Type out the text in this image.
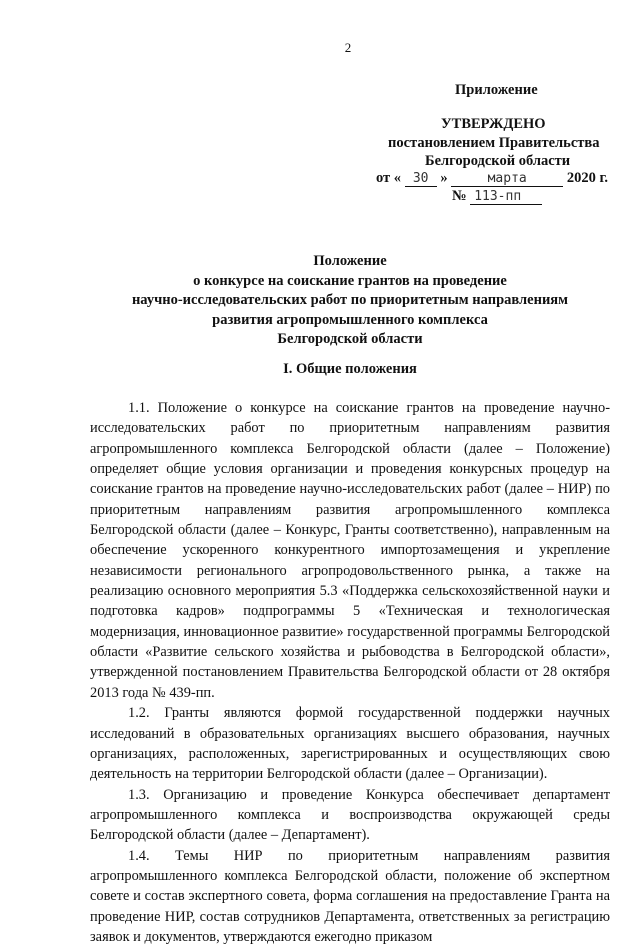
2
Приложение
УТВЕРЖДЕНО
постановлением Правительства
Белгородской области
от « 30 »	марта	2020 г.
№ 113-пп
Положение
о конкурсе на соискание грантов на проведение
научно-исследовательских работ по приоритетным направлениям
развития агропромышленного комплекса
Белгородской области
I. Общие положения

1.1. Положение о конкурсе на соискание грантов на проведение научно-исследовательских работ по приоритетным направлениям развития агропромышленного комплекса Белгородской области (далее – Положение) определяет общие условия организации и проведения конкурсных процедур на соискание грантов на проведение научно-исследовательских работ (далее – НИР) по приоритетным направлениям развития агропромышленного комплекса Белгородской области (далее – Конкурс, Гранты соответственно), направленным на обеспечение ускоренного конкурентного импортозамещения и укрепление независимости регионального агропродовольственного рынка, а также на реализацию основного мероприятия 5.3 «Поддержка сельскохозяйственной науки и подготовка кадров» подпрограммы 5 «Техническая и технологическая модернизация, инновационное развитие» государственной программы Белгородской области «Развитие сельского хозяйства и рыбоводства в Белгородской области», утвержденной постановлением Правительства Белгородской области от 28 октября 2013 года № 439-пп.

1.2. Гранты являются формой государственной поддержки научных исследований в образовательных организациях высшего образования, научных организациях, расположенных, зарегистрированных и осуществляющих свою деятельность на территории Белгородской области (далее – Организации).

1.3. Организацию и проведение Конкурса обеспечивает департамент агропромышленного комплекса и воспроизводства окружающей среды Белгородской области (далее – Департамент).

1.4. Темы НИР по приоритетным направлениям развития агропромышленного комплекса Белгородской области, положение об экспертном совете и состав экспертного совета, форма соглашения на предоставление Гранта на проведение НИР, состав сотрудников Департамента, ответственных за регистрацию заявок и документов, утверждаются ежегодно приказом
